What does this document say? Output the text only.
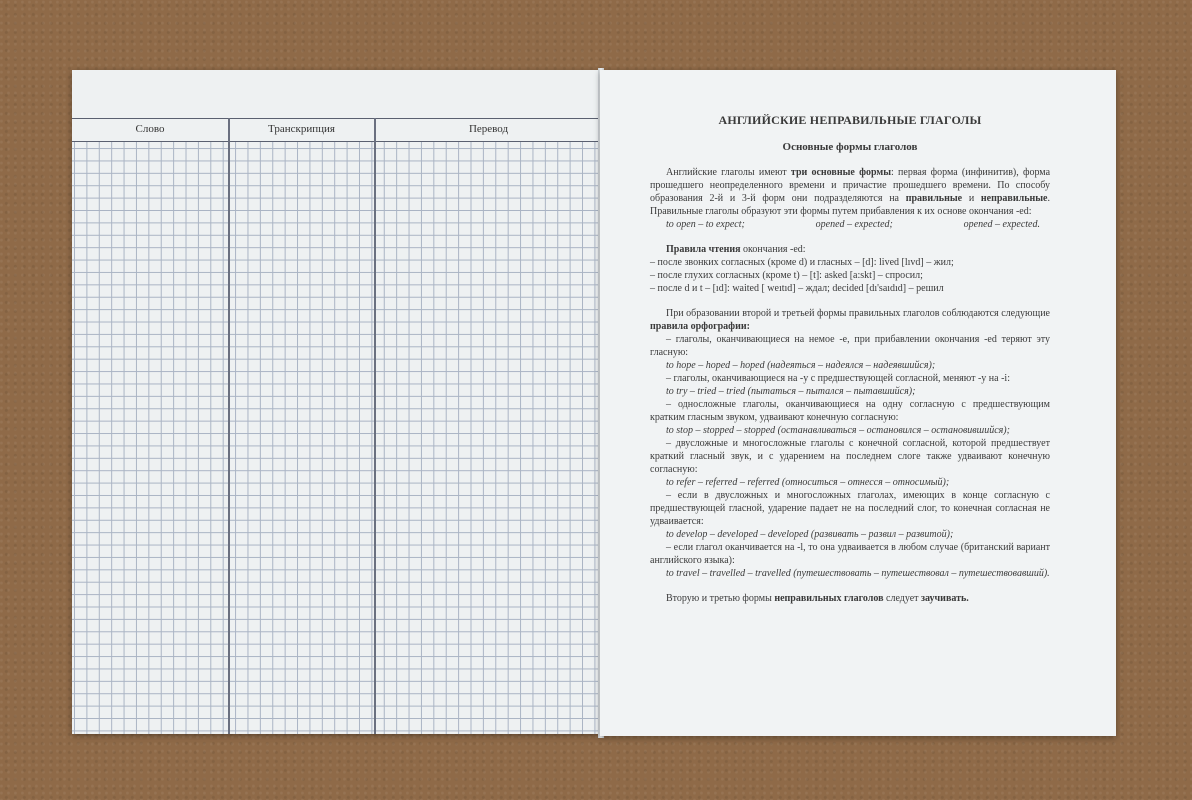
Слово	Транскрипция	Перевод
АНГЛИЙСКИЕ НЕПРАВИЛЬНЫЕ ГЛАГОЛЫ
Основные формы глаголов

Английские глаголы имеют три основные формы: первая форма (инфинитив), форма прошедшего неопределенного времени и причастие прошедшего времени. По способу образования 2-й и 3-й форм они подразделяются на правильные и неправильные. Правильные глаголы образуют эти формы путем прибавления к их основе окончания -ed:

to open – to expect;	opened – expected;	opened – expected.

Правила чтения окончания -ed:

– после звонких согласных (кроме d) и гласных – [d]: lived [lıvd] – жил;

– после глухих согласных (кроме t) – [t]: asked [a:skt] – спросил;

– после d и t – [ıd]: waited [ weıtıd] – ждал; decided [dı'saıdıd] – решил

При образовании второй и третьей формы правильных глаголов соблюдаются следующие правила орфографии:

– глаголы, оканчивающиеся на немое -е, при прибавлении окончания -ed теряют эту гласную:

to hope – hoped – hoped (надеяться – надеялся – надеявшийся);

– глаголы, оканчивающиеся на -y с предшествующей согласной, меняют -y на -i:

to try – tried – tried (пытаться – пытался – пытавшийся);

– односложные глаголы, оканчивающиеся на одну согласную с предшествующим кратким гласным звуком, удваивают конечную согласную:

to stop – stopped – stopped (останавливаться – остановился – остановившийся);

– двусложные и многосложные глаголы с конечной согласной, которой предшествует краткий гласный звук, и с ударением на последнем слоге также удваивают конечную согласную:

to refer – referred – referred (относиться – отнесся – относимый);

– если в двусложных и многосложных глаголах, имеющих в конце согласную с предшествующей гласной, ударение падает не на последний слог, то конечная согласная не удваивается:

to develop – developed – developed (развивать – развил – развитой);

– если глагол оканчивается на -l, то она удваивается в любом случае (британский вариант английского языка):

to travel – travelled – travelled (путешествовать – путешествовал – путешествовавший).

Вторую и третью формы неправильных глаголов следует заучивать.
